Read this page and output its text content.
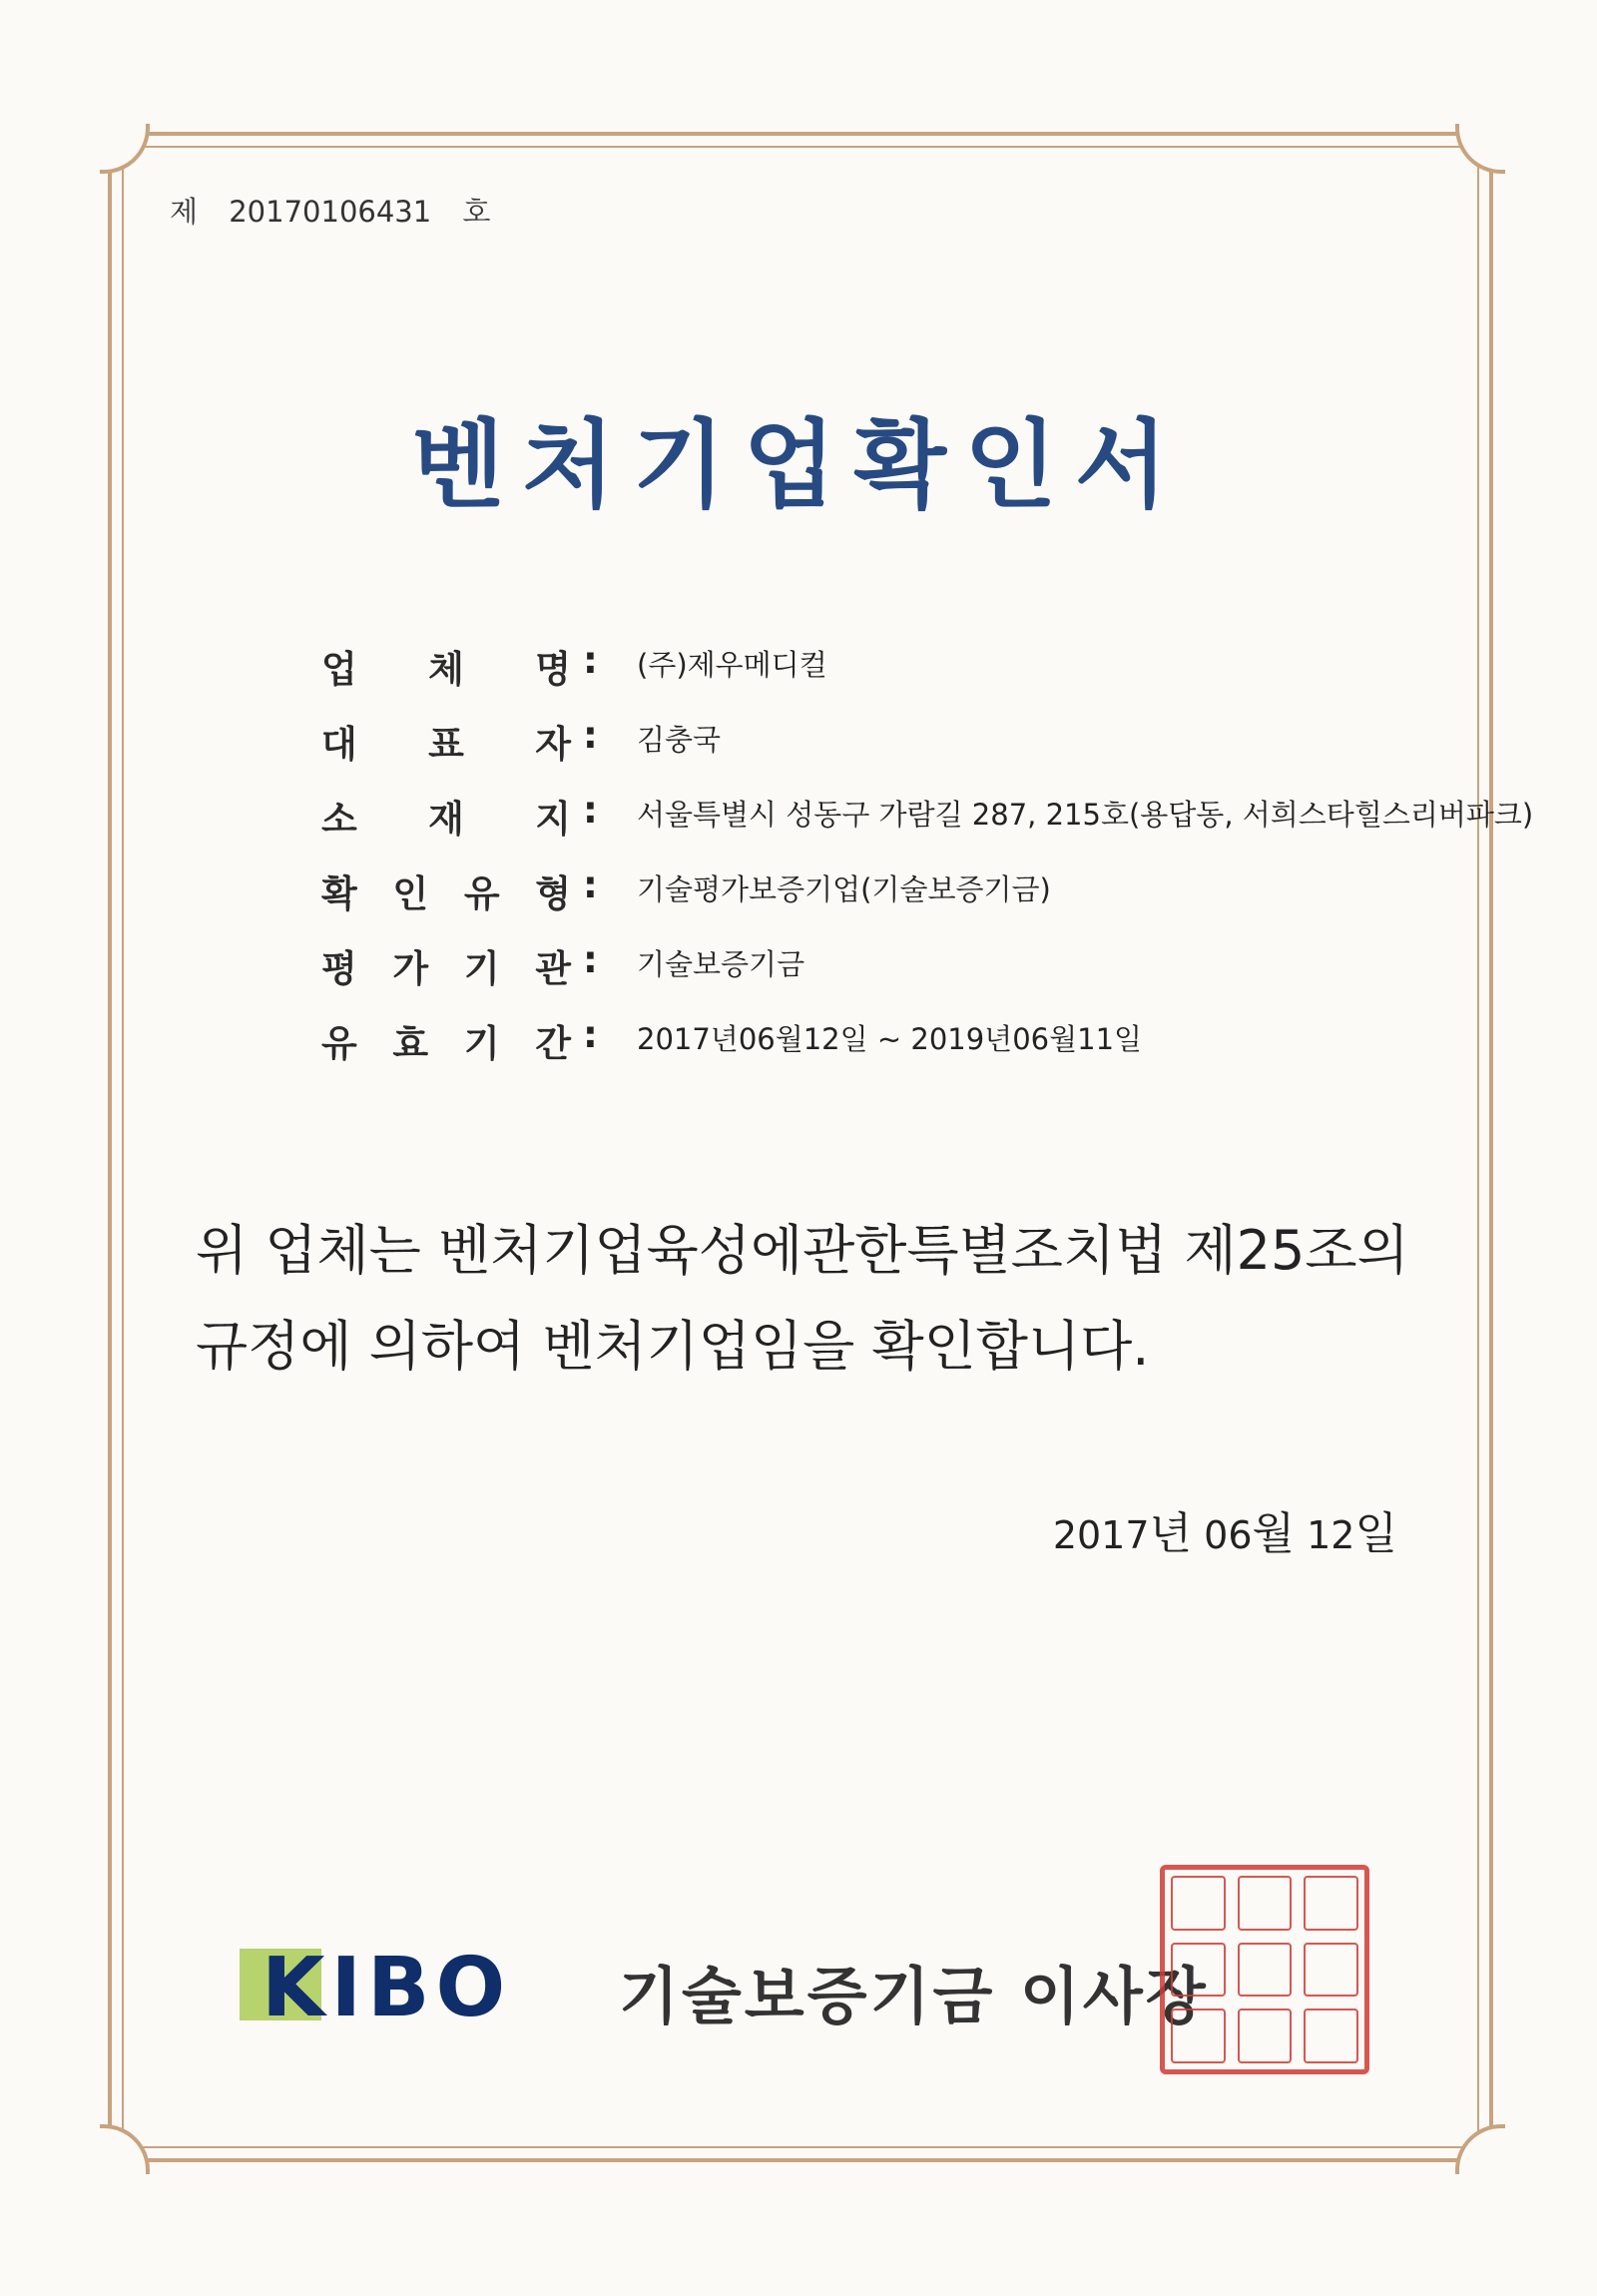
제 20170106431 호
벤처기업확인서
업 체 명 : (주)제우메디컬
대 표 자 : 김충국
소 재 지 : 서울특별시 성동구 가람길 287, 215호(용답동, 서희스타힐스리버파크)
확 인 유 형 : 기술평가보증기업(기술보증기금)
평 가 기 관 : 기술보증기금
유 효 기 간 : 2017년06월12일 ~ 2019년06월11일
위 업체는 벤처기업육성에관한특별조치법 제25조의
규정에 의하여 벤처기업임을 확인합니다.
2017년 06월 12일
KIBO 기술보증기금 이사장
